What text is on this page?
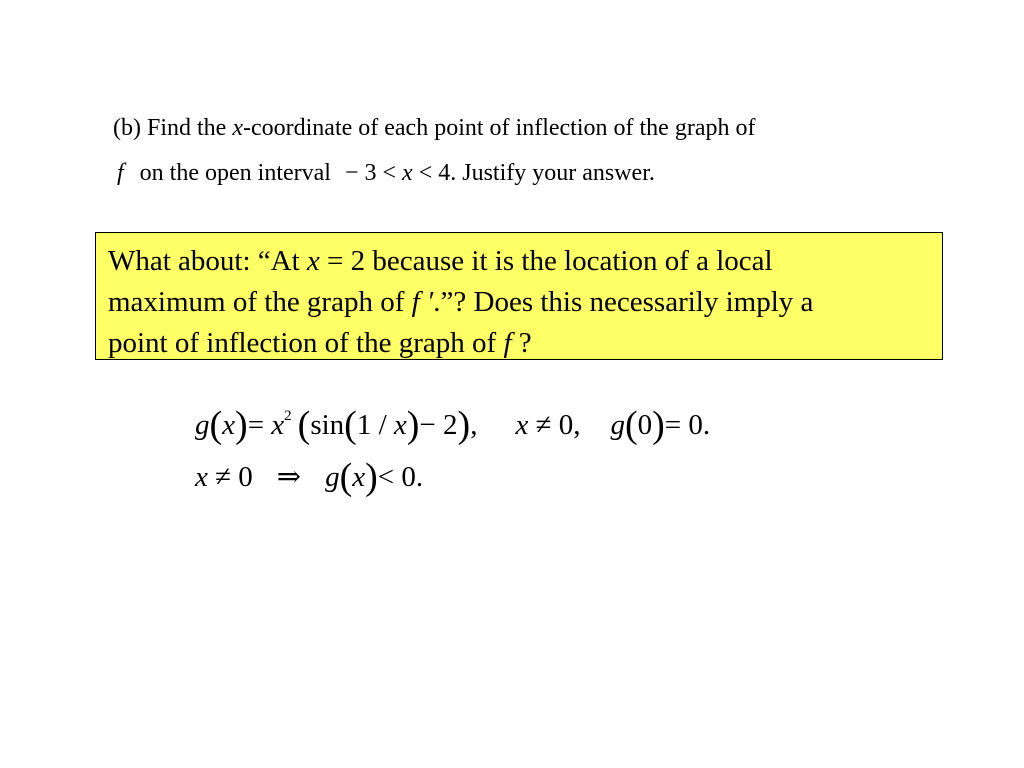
(b) Find the x-coordinate of each point of inflection of the graph of
f on the open interval − 3 < x < 4. Justify your answer.
What about: “At x = 2 because it is the location of a local
maximum of the graph of f ′.”? Does this necessarily imply a
point of inflection of the graph of f ?
$g(x)= x^2$ (sin(1 / x)− 2), x ≠ 0, g(0)= 0.
x ≠ 0 ⇒ g(x)< 0.
